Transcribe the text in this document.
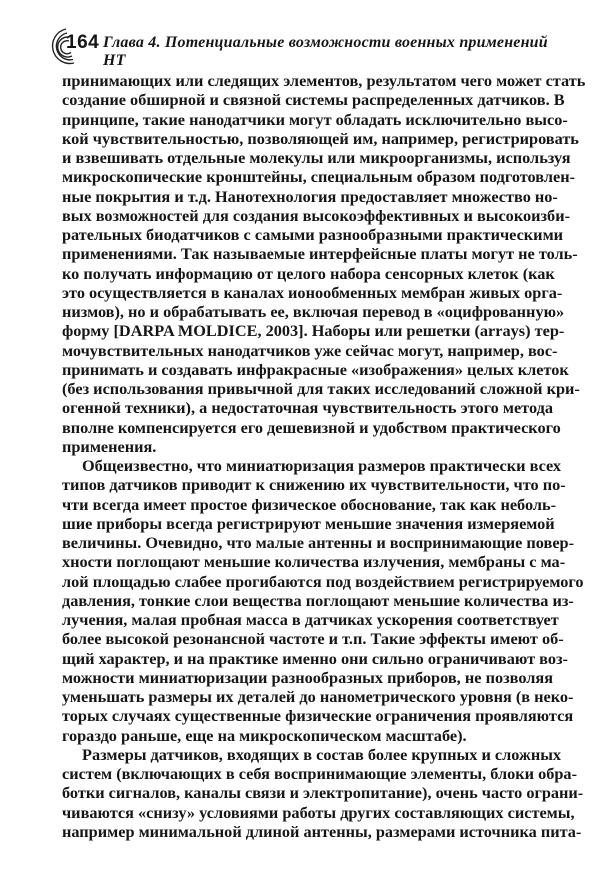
164 Глава 4. Потенциальные возможности военных применений НТ
принимающих или следящих элементов, результатом чего может стать
создание обширной и связной системы распределенных датчиков. В
принципе, такие нанодатчики могут обладать исключительно высо-
кой чувствительностью, позволяющей им, например, регистрировать
и взвешивать отдельные молекулы или микроорганизмы, используя
микроскопические кронштейны, специальным образом подготовлен-
ные покрытия и т.д. Нанотехнология предоставляет множество но-
вых возможностей для создания высокоэффективных и высокоизби-
рательных биодатчиков с самыми разнообразными практическими
применениями. Так называемые интерфейсные платы могут не толь-
ко получать информацию от целого набора сенсорных клеток (как
это осуществляется в каналах ионообменных мембран живых орга-
низмов), но и обрабатывать ее, включая перевод в «оцифрованную»
форму [DARPA MOLDICE, 2003]. Наборы или решетки (arrays) тер-
мочувствительных нанодатчиков уже сейчас могут, например, вос-
принимать и создавать инфракрасные «изображения» целых клеток
(без использования привычной для таких исследований сложной кри-
огенной техники), а недостаточная чувствительность этого метода
вполне компенсируется его дешевизной и удобством практического
применения.
Общеизвестно, что миниатюризация размеров практически всех
типов датчиков приводит к снижению их чувствительности, что по-
чти всегда имеет простое физическое обоснование, так как неболь-
шие приборы всегда регистрируют меньшие значения измеряемой
величины. Очевидно, что малые антенны и воспринимающие повер-
хности поглощают меньшие количества излучения, мембраны с ма-
лой площадью слабее прогибаются под воздействием регистрируемого
давления, тонкие слои вещества поглощают меньшие количества из-
лучения, малая пробная масса в датчиках ускорения соответствует
более высокой резонансной частоте и т.п. Такие эффекты имеют об-
щий характер, и на практике именно они сильно ограничивают воз-
можности миниатюризации разнообразных приборов, не позволяя
уменьшать размеры их деталей до нанометрического уровня (в неко-
торых случаях существенные физические ограничения проявляются
гораздо раньше, еще на микроскопическом масштабе).
Размеры датчиков, входящих в состав более крупных и сложных
систем (включающих в себя воспринимающие элементы, блоки обра-
ботки сигналов, каналы связи и электропитание), очень часто ограни-
чиваются «снизу» условиями работы других составляющих системы,
например минимальной длиной антенны, размерами источника пита-
